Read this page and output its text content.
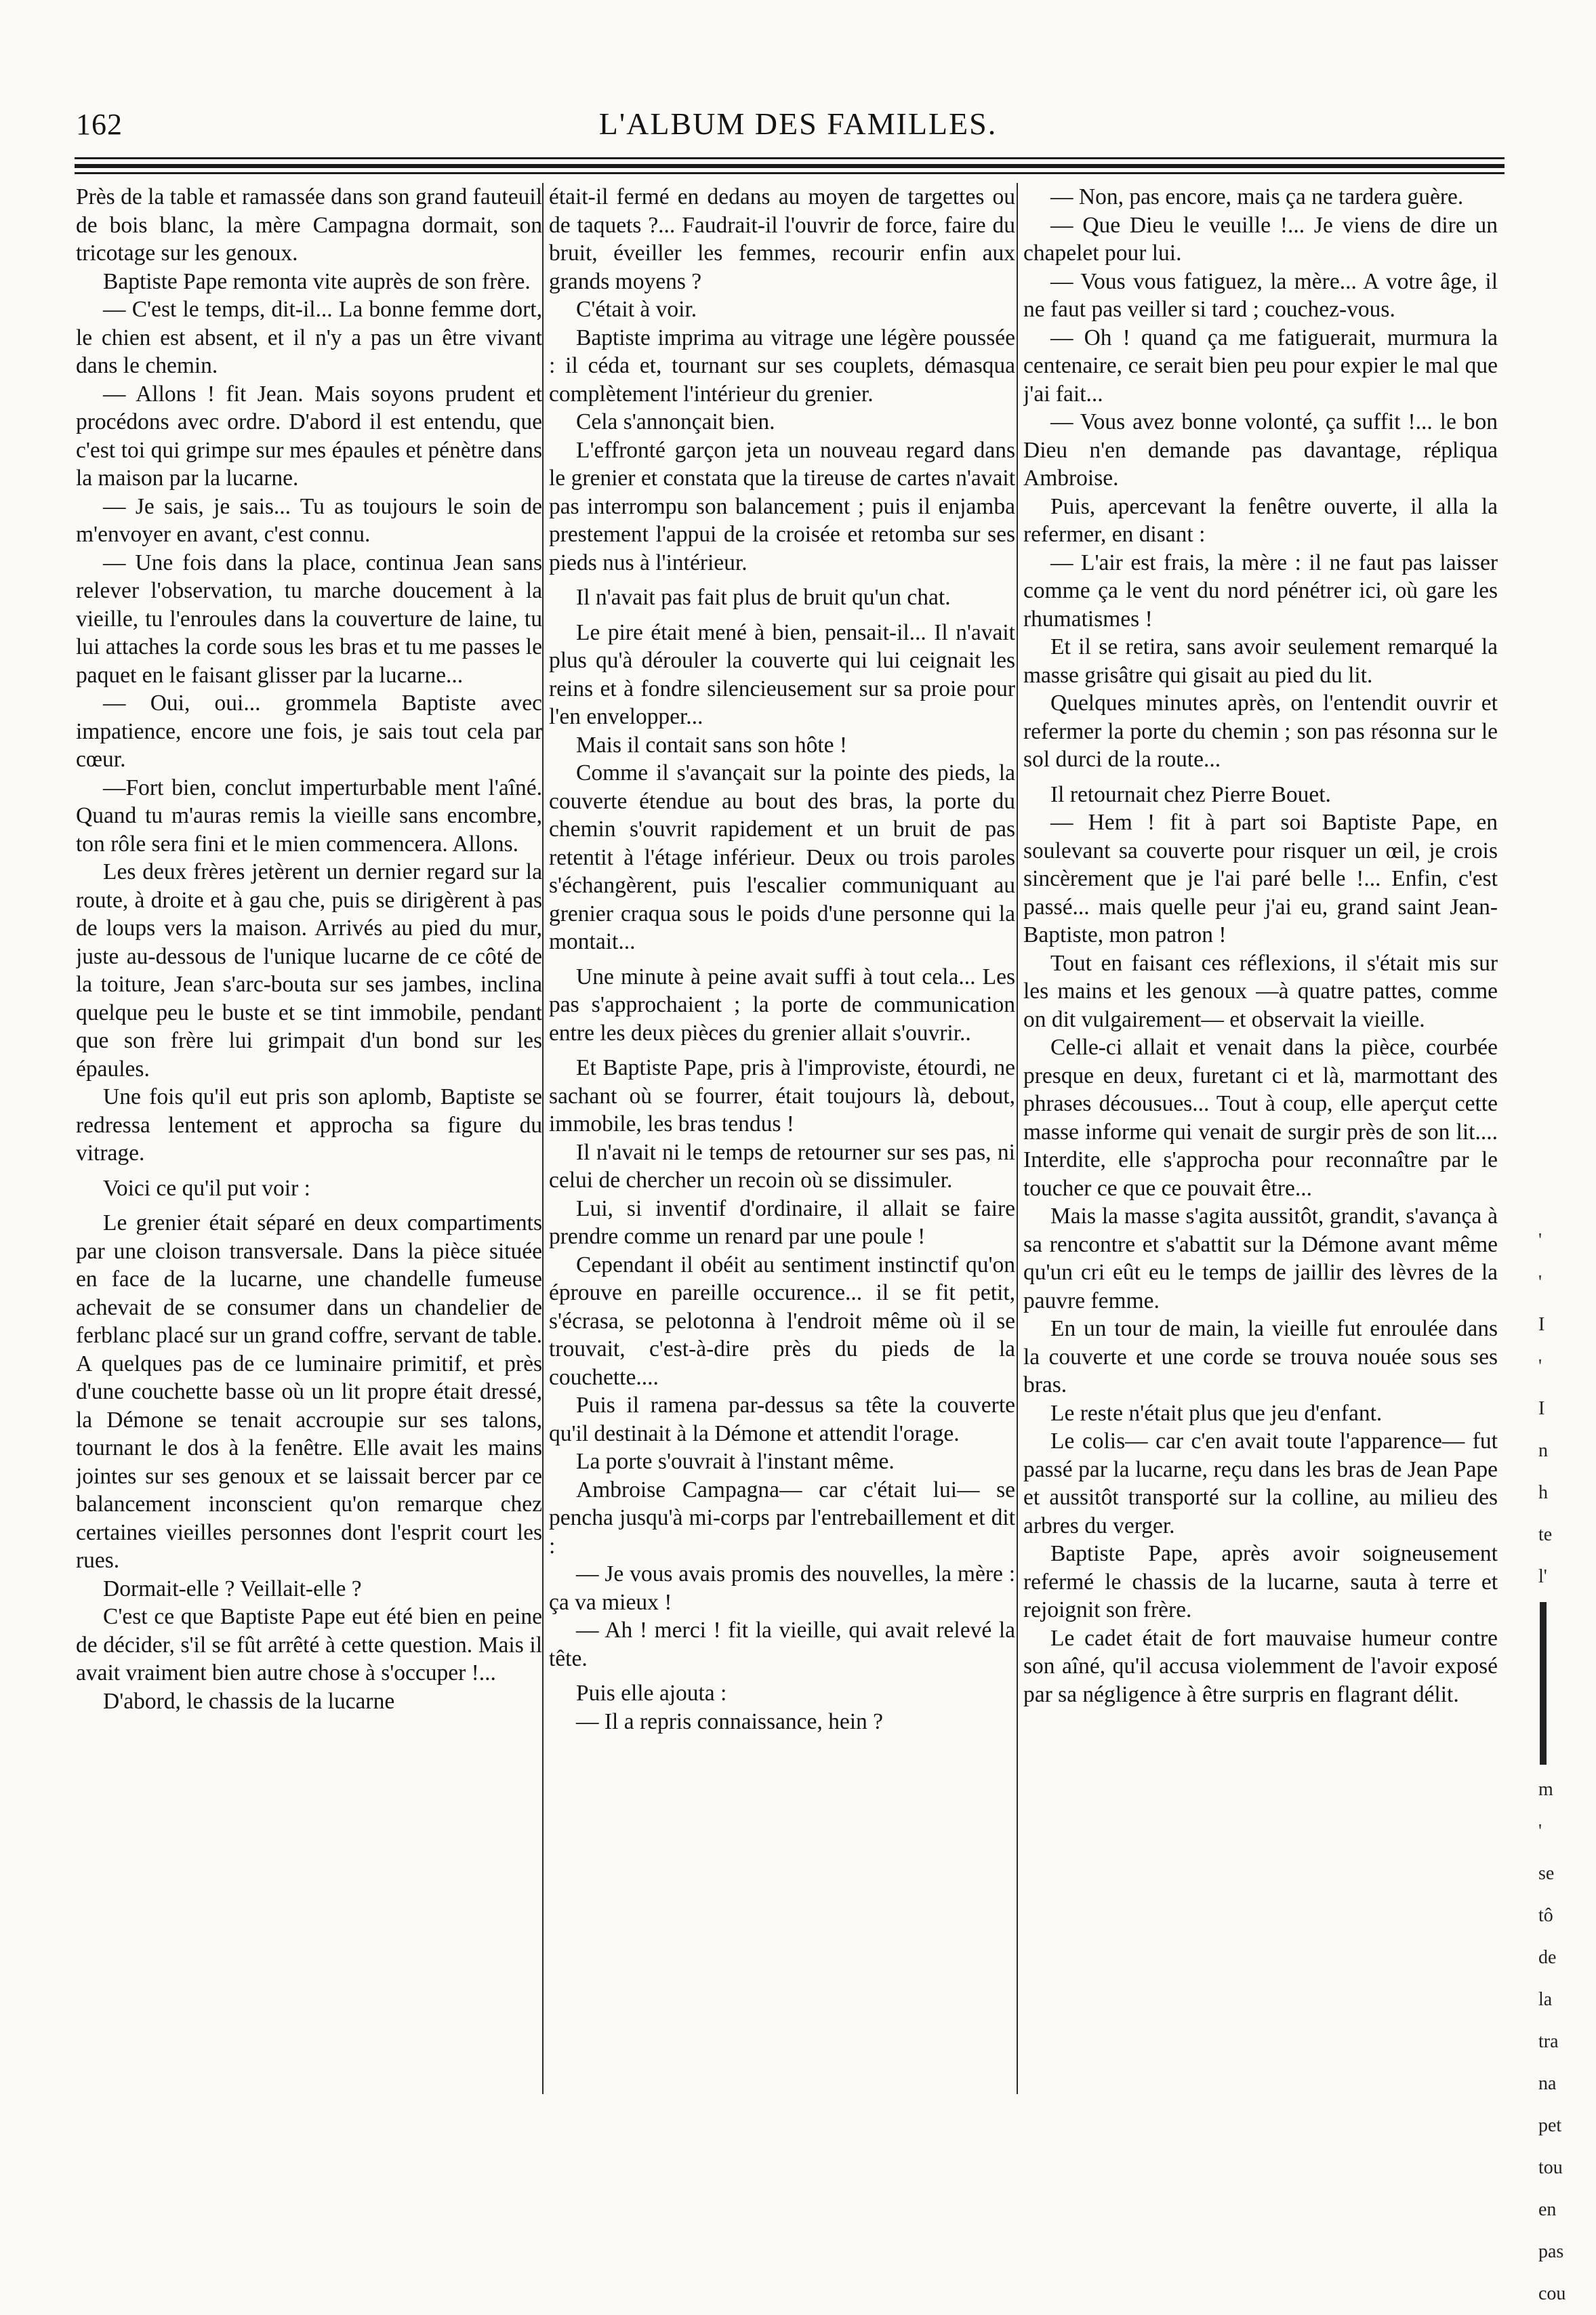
162	L'ALBUM DES FAMILLES.

Près de la table et ramassée dans son grand fauteuil de bois blanc, la mère Campagna dormait, son tricotage sur les genoux.

Baptiste Pape remonta vite auprès de son frère.

— C'est le temps, dit-il... La bonne femme dort, le chien est absent, et il n'y a pas un être vivant dans le chemin.

— Allons ! fit Jean. Mais soyons prudent et procédons avec ordre. D'abord il est entendu, que c'est toi qui grimpe sur mes épaules et pénètre dans la maison par la lucarne.

— Je sais, je sais... Tu as toujours le soin de m'envoyer en avant, c'est connu.

— Une fois dans la place, continua Jean sans relever l'observation, tu marche doucement à la vieille, tu l'enroules dans la couverture de laine, tu lui attaches la corde sous les bras et tu me passes le paquet en le faisant glisser par la lucarne...

— Oui, oui... grommela Baptiste avec impatience, encore une fois, je sais tout cela par cœur.

—Fort bien, conclut imperturbable ment l'aîné. Quand tu m'auras remis la vieille sans encombre, ton rôle sera fini et le mien commencera. Allons.

Les deux frères jetèrent un dernier regard sur la route, à droite et à gau che, puis se dirigèrent à pas de loups vers la maison. Arrivés au pied du mur, juste au-dessous de l'unique lucarne de ce côté de la toiture, Jean s'arc-bouta sur ses jambes, inclina quelque peu le buste et se tint immobile, pendant que son frère lui grimpait d'un bond sur les épaules.

Une fois qu'il eut pris son aplomb, Baptiste se redressa lentement et approcha sa figure du vitrage.

Voici ce qu'il put voir :

Le grenier était séparé en deux compartiments par une cloison transversale. Dans la pièce située en face de la lucarne, une chandelle fumeuse achevait de se consumer dans un chandelier de ferblanc placé sur un grand coffre, servant de table. A quelques pas de ce luminaire primitif, et près d'une couchette basse où un lit propre était dressé, la Démone se tenait accroupie sur ses talons, tournant le dos à la fenêtre. Elle avait les mains jointes sur ses genoux et se laissait bercer par ce balancement inconscient qu'on remarque chez certaines vieilles personnes dont l'esprit court les rues.

Dormait-elle ? Veillait-elle ?

C'est ce que Baptiste Pape eut été bien en peine de décider, s'il se fût arrêté à cette question. Mais il avait vraiment bien autre chose à s'occuper !...

D'abord, le chassis de la lucarne

était-il fermé en dedans au moyen de targettes ou de taquets ?... Faudrait-il l'ouvrir de force, faire du bruit, éveiller les femmes, recourir enfin aux grands moyens ?

C'était à voir.

Baptiste imprima au vitrage une légère poussée : il céda et, tournant sur ses couplets, démasqua complètement l'intérieur du grenier.

Cela s'annonçait bien.

L'effronté garçon jeta un nouveau regard dans le grenier et constata que la tireuse de cartes n'avait pas interrompu son balancement ; puis il enjamba prestement l'appui de la croisée et retomba sur ses pieds nus à l'intérieur.

Il n'avait pas fait plus de bruit qu'un chat.

Le pire était mené à bien, pensait-il... Il n'avait plus qu'à dérouler la couverte qui lui ceignait les reins et à fondre silencieusement sur sa proie pour l'en envelopper...

Mais il contait sans son hôte !

Comme il s'avançait sur la pointe des pieds, la couverte étendue au bout des bras, la porte du chemin s'ouvrit rapidement et un bruit de pas retentit à l'étage inférieur. Deux ou trois paroles s'échangèrent, puis l'escalier communiquant au grenier craqua sous le poids d'une personne qui la montait...

Une minute à peine avait suffi à tout cela... Les pas s'approchaient ; la porte de communication entre les deux pièces du grenier allait s'ouvrir..

Et Baptiste Pape, pris à l'improviste, étourdi, ne sachant où se fourrer, était toujours là, debout, immobile, les bras tendus !

Il n'avait ni le temps de retourner sur ses pas, ni celui de chercher un recoin où se dissimuler.

Lui, si inventif d'ordinaire, il allait se faire prendre comme un renard par une poule !

Cependant il obéit au sentiment instinctif qu'on éprouve en pareille occurence... il se fit petit, s'écrasa, se pelotonna à l'endroit même où il se trouvait, c'est-à-dire près du pieds de la couchette....

Puis il ramena par-dessus sa tête la couverte qu'il destinait à la Démone et attendit l'orage.

La porte s'ouvrait à l'instant même.

Ambroise Campagna— car c'était lui— se pencha jusqu'à mi-corps par l'entrebaillement et dit :

— Je vous avais promis des nouvelles, la mère : ça va mieux !

— Ah ! merci ! fit la vieille, qui avait relevé la tête.

Puis elle ajouta :

— Il a repris connaissance, hein ?

— Non, pas encore, mais ça ne tardera guère.

— Que Dieu le veuille !... Je viens de dire un chapelet pour lui.

— Vous vous fatiguez, la mère... A votre âge, il ne faut pas veiller si tard ; couchez-vous.

— Oh ! quand ça me fatiguerait, murmura la centenaire, ce serait bien peu pour expier le mal que j'ai fait...

— Vous avez bonne volonté, ça suffit !... le bon Dieu n'en demande pas davantage, répliqua Ambroise.

Puis, apercevant la fenêtre ouverte, il alla la refermer, en disant :

— L'air est frais, la mère : il ne faut pas laisser comme ça le vent du nord pénétrer ici, où gare les rhumatismes !

Et il se retira, sans avoir seulement remarqué la masse grisâtre qui gisait au pied du lit.

Quelques minutes après, on l'entendit ouvrir et refermer la porte du chemin ; son pas résonna sur le sol durci de la route...

Il retournait chez Pierre Bouet.

— Hem ! fit à part soi Baptiste Pape, en soulevant sa couverte pour risquer un œil, je crois sincèrement que je l'ai paré belle !... Enfin, c'est passé... mais quelle peur j'ai eu, grand saint Jean-Baptiste, mon patron !

Tout en faisant ces réflexions, il s'était mis sur les mains et les genoux —à quatre pattes, comme on dit vulgairement— et observait la vieille.

Celle-ci allait et venait dans la pièce, courbée presque en deux, furetant ci et là, marmottant des phrases décousues... Tout à coup, elle aperçut cette masse informe qui venait de surgir près de son lit.... Interdite, elle s'approcha pour reconnaître par le toucher ce que ce pouvait être...

Mais la masse s'agita aussitôt, grandit, s'avança à sa rencontre et s'abattit sur la Démone avant même qu'un cri eût eu le temps de jaillir des lèvres de la pauvre femme.

En un tour de main, la vieille fut enroulée dans la couverte et une corde se trouva nouée sous ses bras.

Le reste n'était plus que jeu d'enfant.

Le colis— car c'en avait toute l'apparence— fut passé par la lucarne, reçu dans les bras de Jean Pape et aussitôt transporté sur la colline, au milieu des arbres du verger.

Baptiste Pape, après avoir soigneusement refermé le chassis de la lucarne, sauta à terre et rejoignit son frère.

Le cadet était de fort mauvaise humeur contre son aîné, qu'il accusa violemment de l'avoir exposé par sa négligence à être surpris en flagrant délit.

'
'
I
'
I
n
h
te
l'
m
'
se
tô
de
la
tra
na
pet
tou
en
pas
cou
